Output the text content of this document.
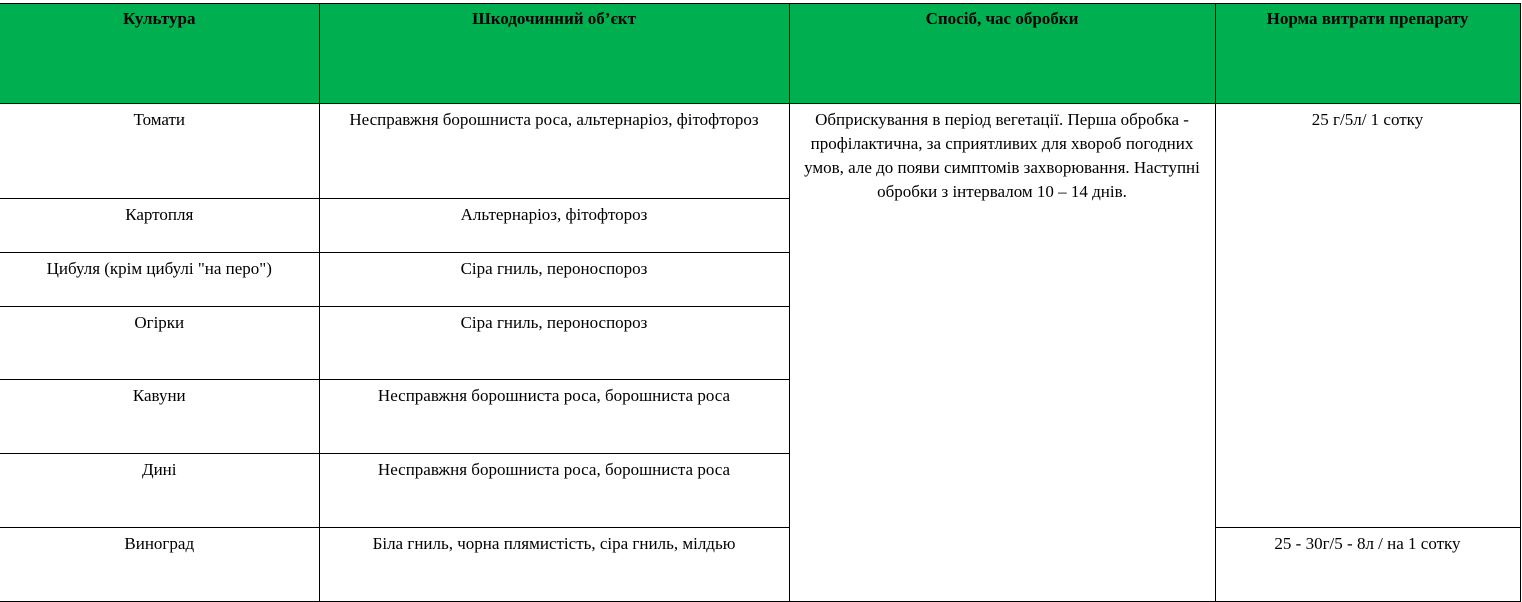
Культура	Шкодочинний об’єкт	Спосіб, час обробки	Норма витрати препарату
Томати	Несправжня борошниста роса, альтернаріоз, фітофтороз	Обприскування в період вегетації. Перша обробка - профілактична, за сприятливих для хвороб погодних умов, але до появи симптомів захворювання. Наступні обробки з інтервалом 10 – 14 днів.	25 г/5л/ 1 сотку
Картопля	Альтернаріоз, фітофтороз		
Цибуля (крім цибулі "на перо")	Сіра гниль, пероноспороз		
Огірки	Сіра гниль, пероноспороз		
Кавуни	Несправжня борошниста роса, борошниста роса		
Дині	Несправжня борошниста роса, борошниста роса		
Виноград	Біла гниль, чорна плямистість, сіра гниль, мілдью		25 - 30г/5 - 8л / на 1 сотку
